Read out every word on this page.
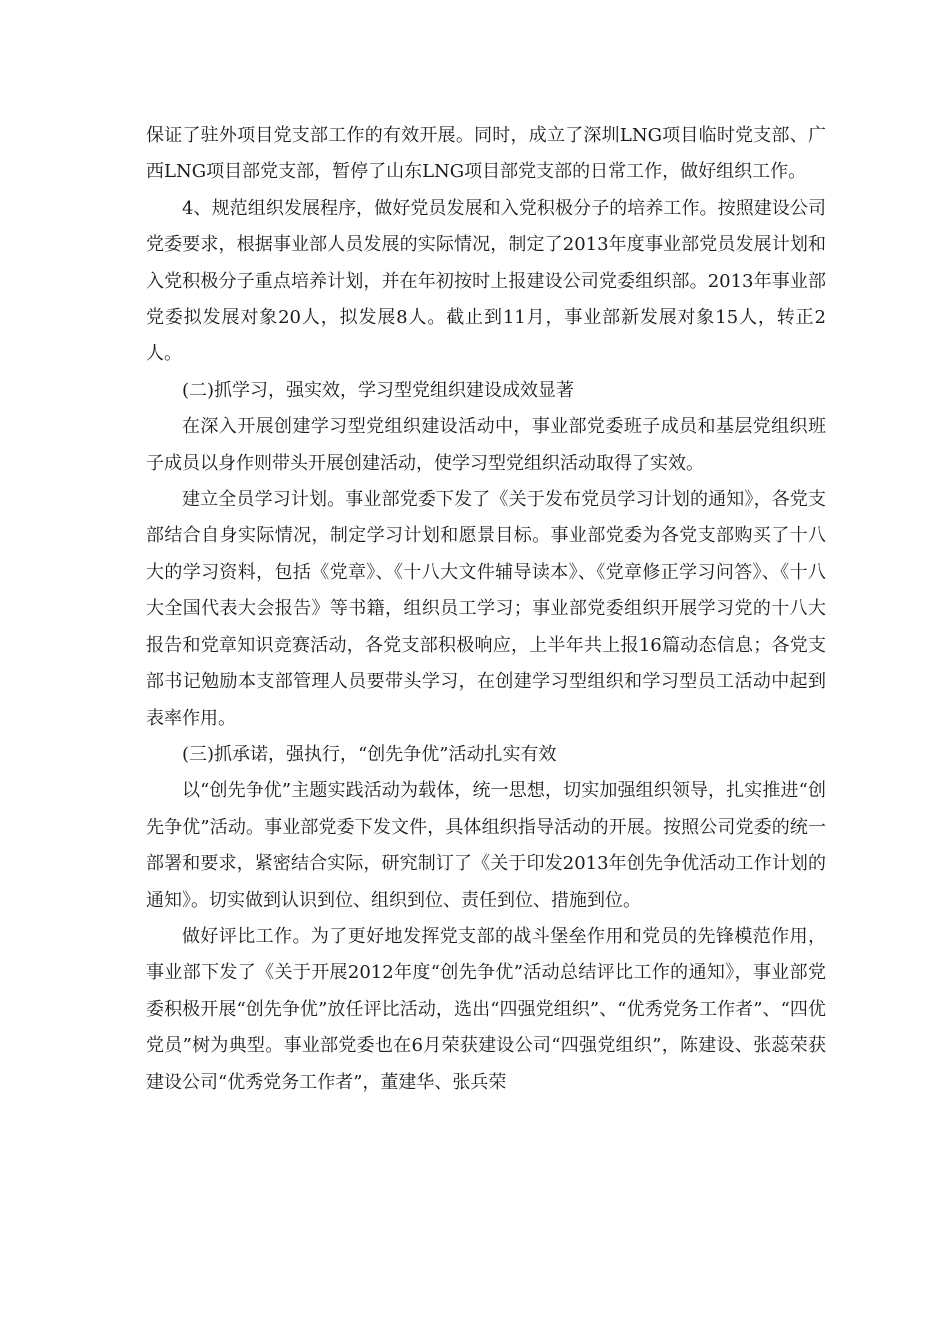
保证了驻外项目党支部工作的有效开展。同时，成立了深圳LNG项目临时党支部、广西LNG项目部党支部，暂停了山东LNG项目部党支部的日常工作，做好组织工作。

4、规范组织发展程序，做好党员发展和入党积极分子的培养工作。按照建设公司党委要求，根据事业部人员发展的实际情况，制定了2013年度事业部党员发展计划和入党积极分子重点培养计划，并在年初按时上报建设公司党委组织部。2013年事业部党委拟发展对象20人，拟发展8人。截止到11月，事业部新发展对象15人，转正2人。

(二)抓学习，强实效，学习型党组织建设成效显著

在深入开展创建学习型党组织建设活动中，事业部党委班子成员和基层党组织班子成员以身作则带头开展创建活动，使学习型党组织活动取得了实效。

建立全员学习计划。事业部党委下发了《关于发布党员学习计划的通知》，各党支部结合自身实际情况，制定学习计划和愿景目标。事业部党委为各党支部购买了十八大的学习资料，包括《党章》、《十八大文件辅导读本》、《党章修正学习问答》、《十八大全国代表大会报告》等书籍，组织员工学习；事业部党委组织开展学习党的十八大报告和党章知识竞赛活动，各党支部积极响应，上半年共上报16篇动态信息；各党支部书记勉励本支部管理人员要带头学习，在创建学习型组织和学习型员工活动中起到表率作用。

(三)抓承诺，强执行，“创先争优”活动扎实有效

以“创先争优”主题实践活动为载体，统一思想，切实加强组织领导，扎实推进“创先争优”活动。事业部党委下发文件，具体组织指导活动的开展。按照公司党委的统一部署和要求，紧密结合实际，研究制订了《关于印发2013年创先争优活动工作计划的通知》。切实做到认识到位、组织到位、责任到位、措施到位。

做好评比工作。为了更好地发挥党支部的战斗堡垒作用和党员的先锋模范作用，事业部下发了《关于开展2012年度“创先争优”活动总结评比工作的通知》，事业部党委积极开展“创先争优”放任评比活动，选出“四强党组织”、“优秀党务工作者”、“四优党员”树为典型。事业部党委也在6月荣获建设公司“四强党组织”，陈建设、张蕊荣获建设公司“优秀党务工作者”，董建华、张兵荣
